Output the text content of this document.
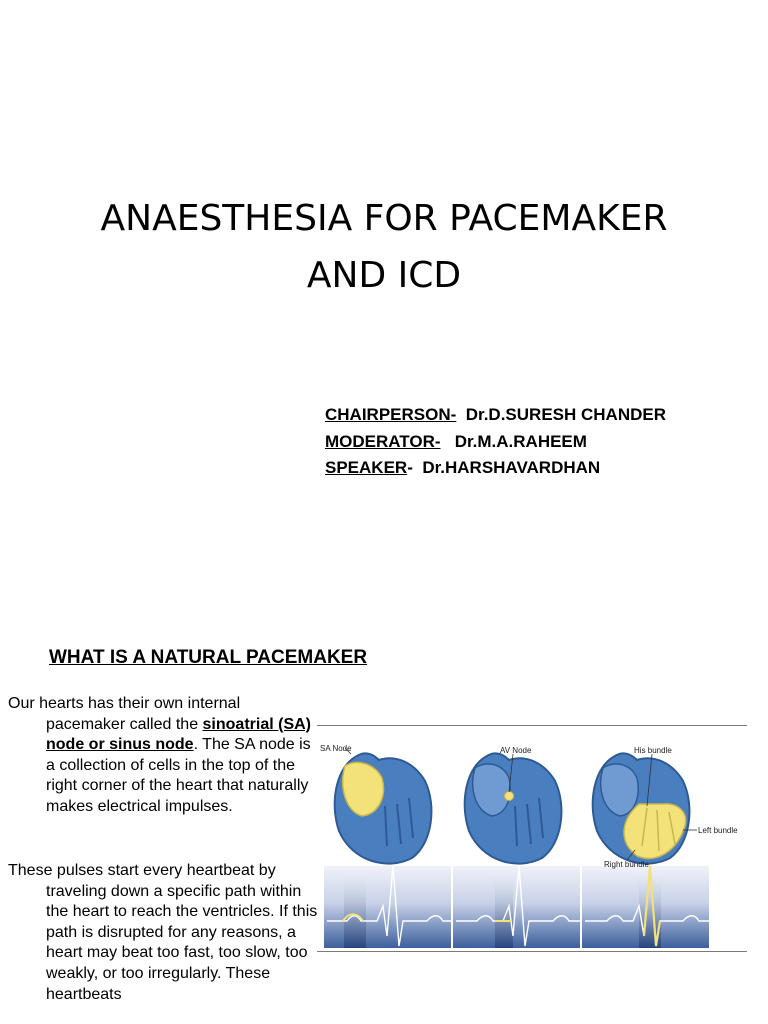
ANAESTHESIA FOR PACEMAKER
AND ICD
CHAIRPERSON- Dr.D.SURESH CHANDER
MODERATOR- Dr.M.A.RAHEEM
SPEAKER- Dr.HARSHAVARDHAN
WHAT IS A NATURAL PACEMAKER
Our hearts has their own internal pacemaker called the sinoatrial (SA) node or sinus node. The SA node is a collection of cells in the top of the right corner of the heart that naturally makes electrical impulses.
These pulses start every heartbeat by traveling down a specific path within the heart to reach the ventricles. If this path is disrupted for any reasons, a heart may beat too fast, too slow, too weakly, or too irregularly. These heartbeats
SA Node	AV Node	His bundle
Left bundle
Right bundle
